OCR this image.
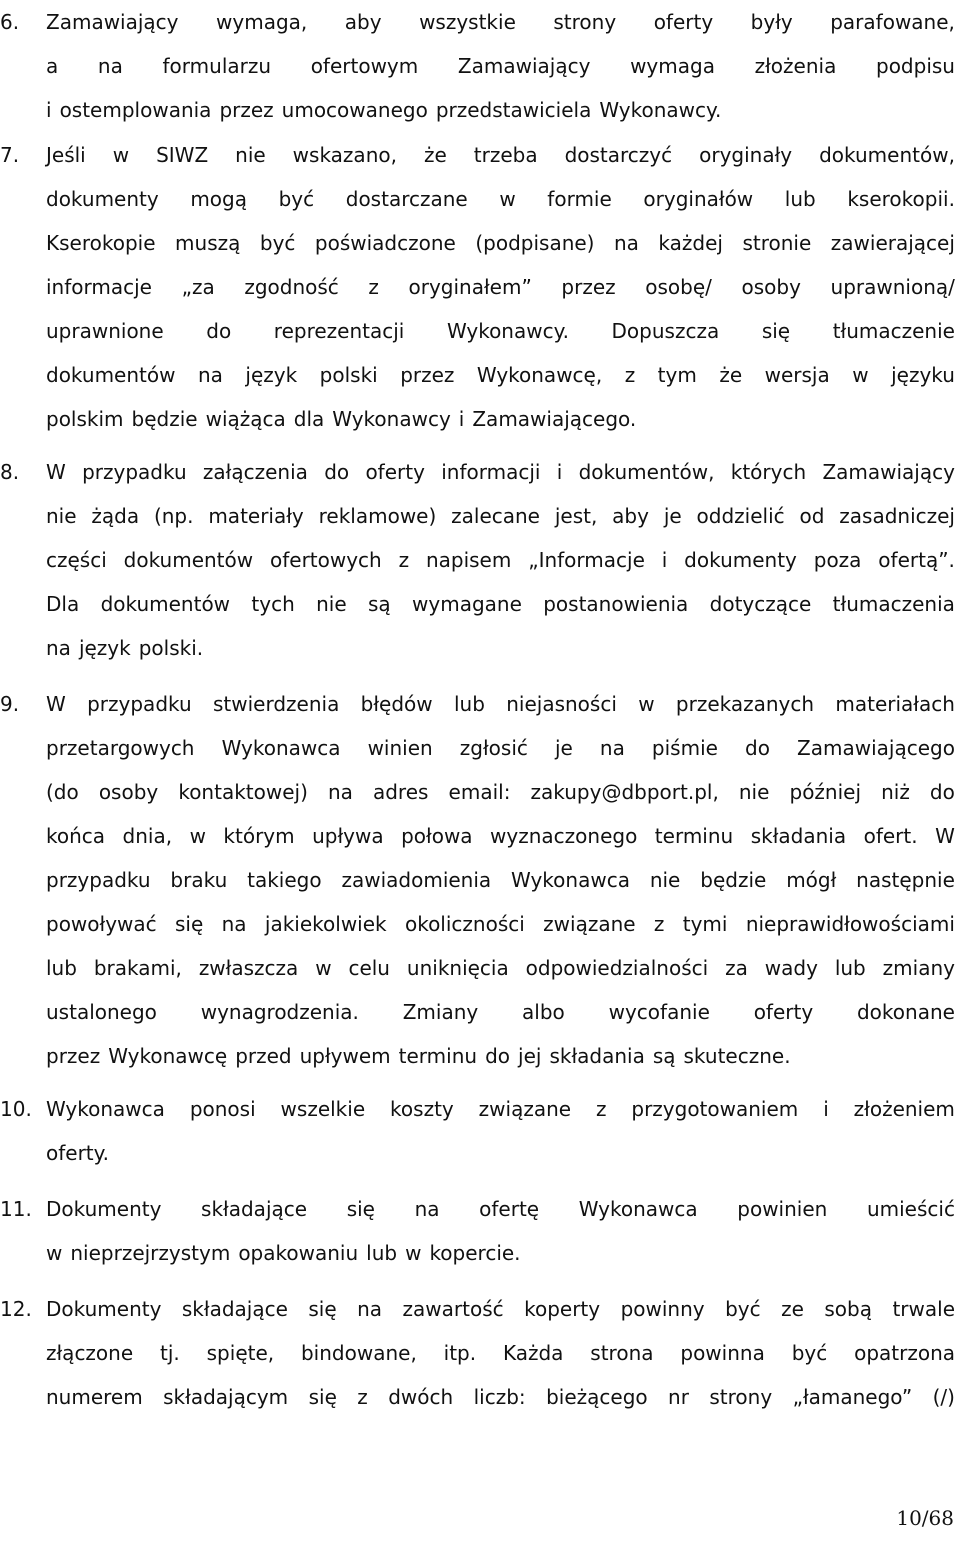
6. Zamawiający wymaga, aby wszystkie strony oferty były parafowane,
a na formularzu ofertowym Zamawiający wymaga złożenia podpisu
i ostemplowania przez umocowanego przedstawiciela Wykonawcy.
7. Jeśli w SIWZ nie wskazano, że trzeba dostarczyć oryginały dokumentów,
dokumenty mogą być dostarczane w formie oryginałów lub kserokopii.
Kserokopie muszą być poświadczone (podpisane) na każdej stronie zawierającej
informacje „za zgodność z oryginałem” przez osobę/ osoby uprawnioną/
uprawnione do reprezentacji Wykonawcy. Dopuszcza się tłumaczenie
dokumentów na język polski przez Wykonawcę, z tym że wersja w języku
polskim będzie wiążąca dla Wykonawcy i Zamawiającego.
8. W przypadku załączenia do oferty informacji i dokumentów, których Zamawiający
nie żąda (np. materiały reklamowe) zalecane jest, aby je oddzielić od zasadniczej
części dokumentów ofertowych z napisem „Informacje i dokumenty poza ofertą”.
Dla dokumentów tych nie są wymagane postanowienia dotyczące tłumaczenia
na język polski.
9. W przypadku stwierdzenia błędów lub niejasności w przekazanych materiałach
przetargowych Wykonawca winien zgłosić je na piśmie do Zamawiającego
(do osoby kontaktowej) na adres email: zakupy@dbport.pl, nie później niż do
końca dnia, w którym upływa połowa wyznaczonego terminu składania ofert. W
przypadku braku takiego zawiadomienia Wykonawca nie będzie mógł następnie
powoływać się na jakiekolwiek okoliczności związane z tymi nieprawidłowościami
lub brakami, zwłaszcza w celu uniknięcia odpowiedzialności za wady lub zmiany
ustalonego wynagrodzenia. Zmiany albo wycofanie oferty dokonane
przez Wykonawcę przed upływem terminu do jej składania są skuteczne.
10. Wykonawca ponosi wszelkie koszty związane z przygotowaniem i złożeniem
oferty.
11. Dokumenty składające się na ofertę Wykonawca powinien umieścić
w nieprzejrzystym opakowaniu lub w kopercie.
12. Dokumenty składające się na zawartość koperty powinny być ze sobą trwale
złączone tj. spięte, bindowane, itp. Każda strona powinna być opatrzona
numerem składającym się z dwóch liczb: bieżącego nr strony „łamanego” (/)
10/68
